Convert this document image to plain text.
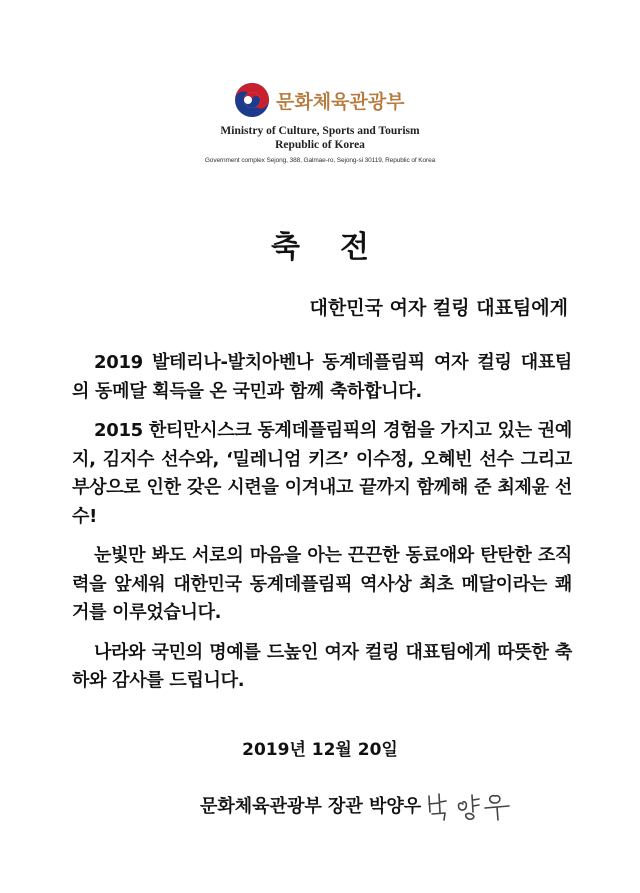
문화체육관광부
Ministry of Culture, Sports and Tourism
Republic of Korea
Government complex Sejong, 388, Galmae-ro, Sejong-si 30119, Republic of Korea
축전
대한민국 여자 컬링 대표팀에게

2019 발테리나-발치아벤나 동계데플림픽 여자 컬링 대표팀의 동메달 획득을 온 국민과 함께 축하합니다.

2015 한티만시스크 동계데플림픽의 경험을 가지고 있는 권예지, 김지수 선수와, ‘밀레니엄 키즈’ 이수정, 오혜빈 선수 그리고 부상으로 인한 갖은 시련을 이겨내고 끝까지 함께해 준 최제윤 선수!

눈빛만 봐도 서로의 마음을 아는 끈끈한 동료애와 탄탄한 조직력을 앞세워 대한민국 동계데플림픽 역사상 최초 메달이라는 쾌거를 이루었습니다.

나라와 국민의 명예를 드높인 여자 컬링 대표팀에게 따뜻한 축하와 감사를 드립니다.

2019년 12월 20일
문화체육관광부 장관 박양우
